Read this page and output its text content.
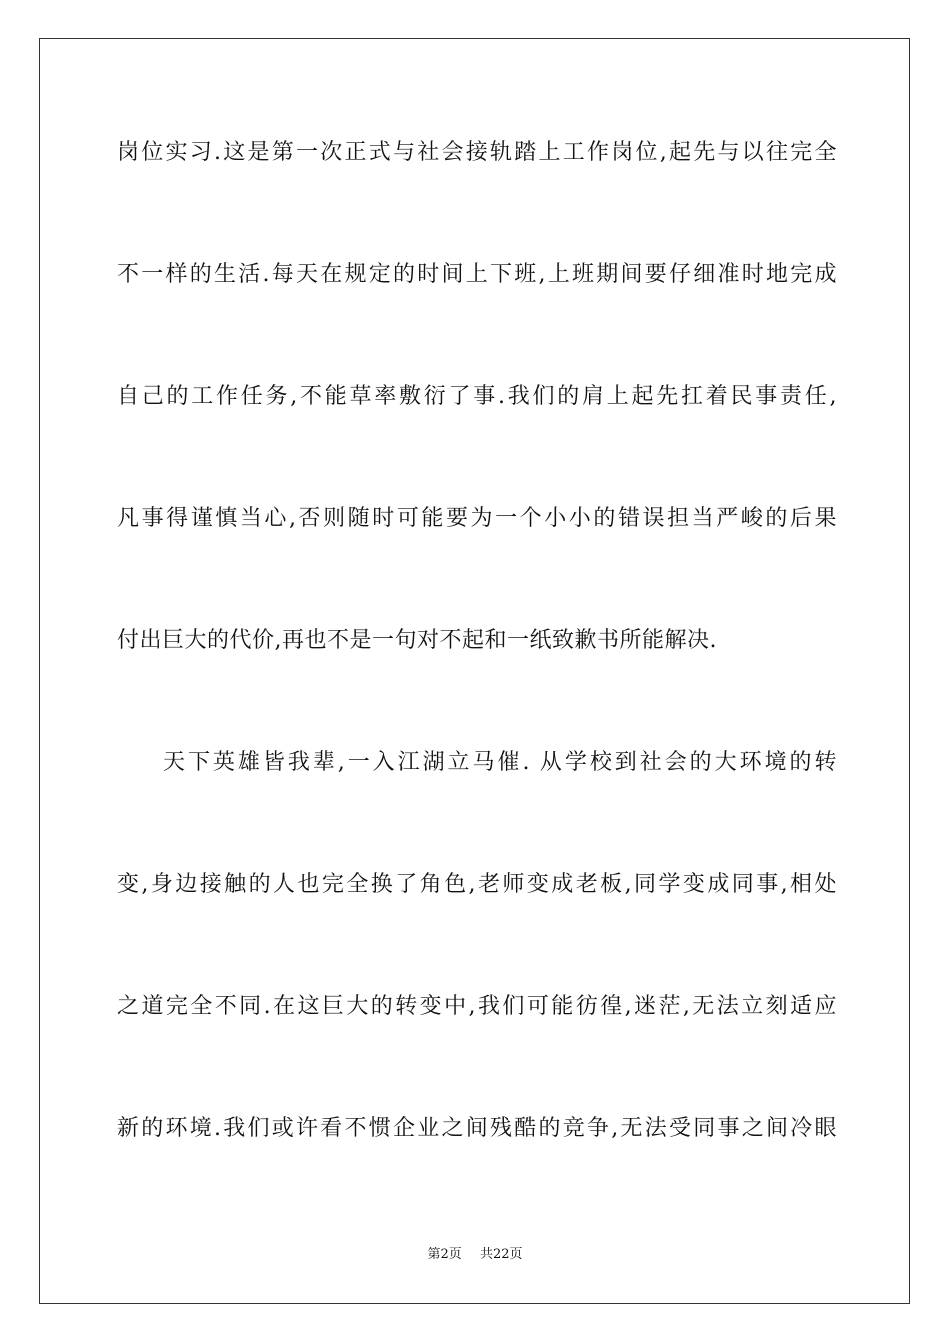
岗位实习.这是第一次正式与社会接轨踏上工作岗位,起先与以往完全
不一样的生活.每天在规定的时间上下班,上班期间要仔细准时地完成
自己的工作任务,不能草率敷衍了事.我们的肩上起先扛着民事责任,
凡事得谨慎当心,否则随时可能要为一个小小的错误担当严峻的后果
付出巨大的代价,再也不是一句对不起和一纸致歉书所能解决.
天下英雄皆我辈,一入江湖立马催. 从学校到社会的大环境的转
变,身边接触的人也完全换了角色,老师变成老板,同学变成同事,相处
之道完全不同.在这巨大的转变中,我们可能彷徨,迷茫,无法立刻适应
新的环境.我们或许看不惯企业之间残酷的竞争,无法受同事之间冷眼
第2页 共22页
